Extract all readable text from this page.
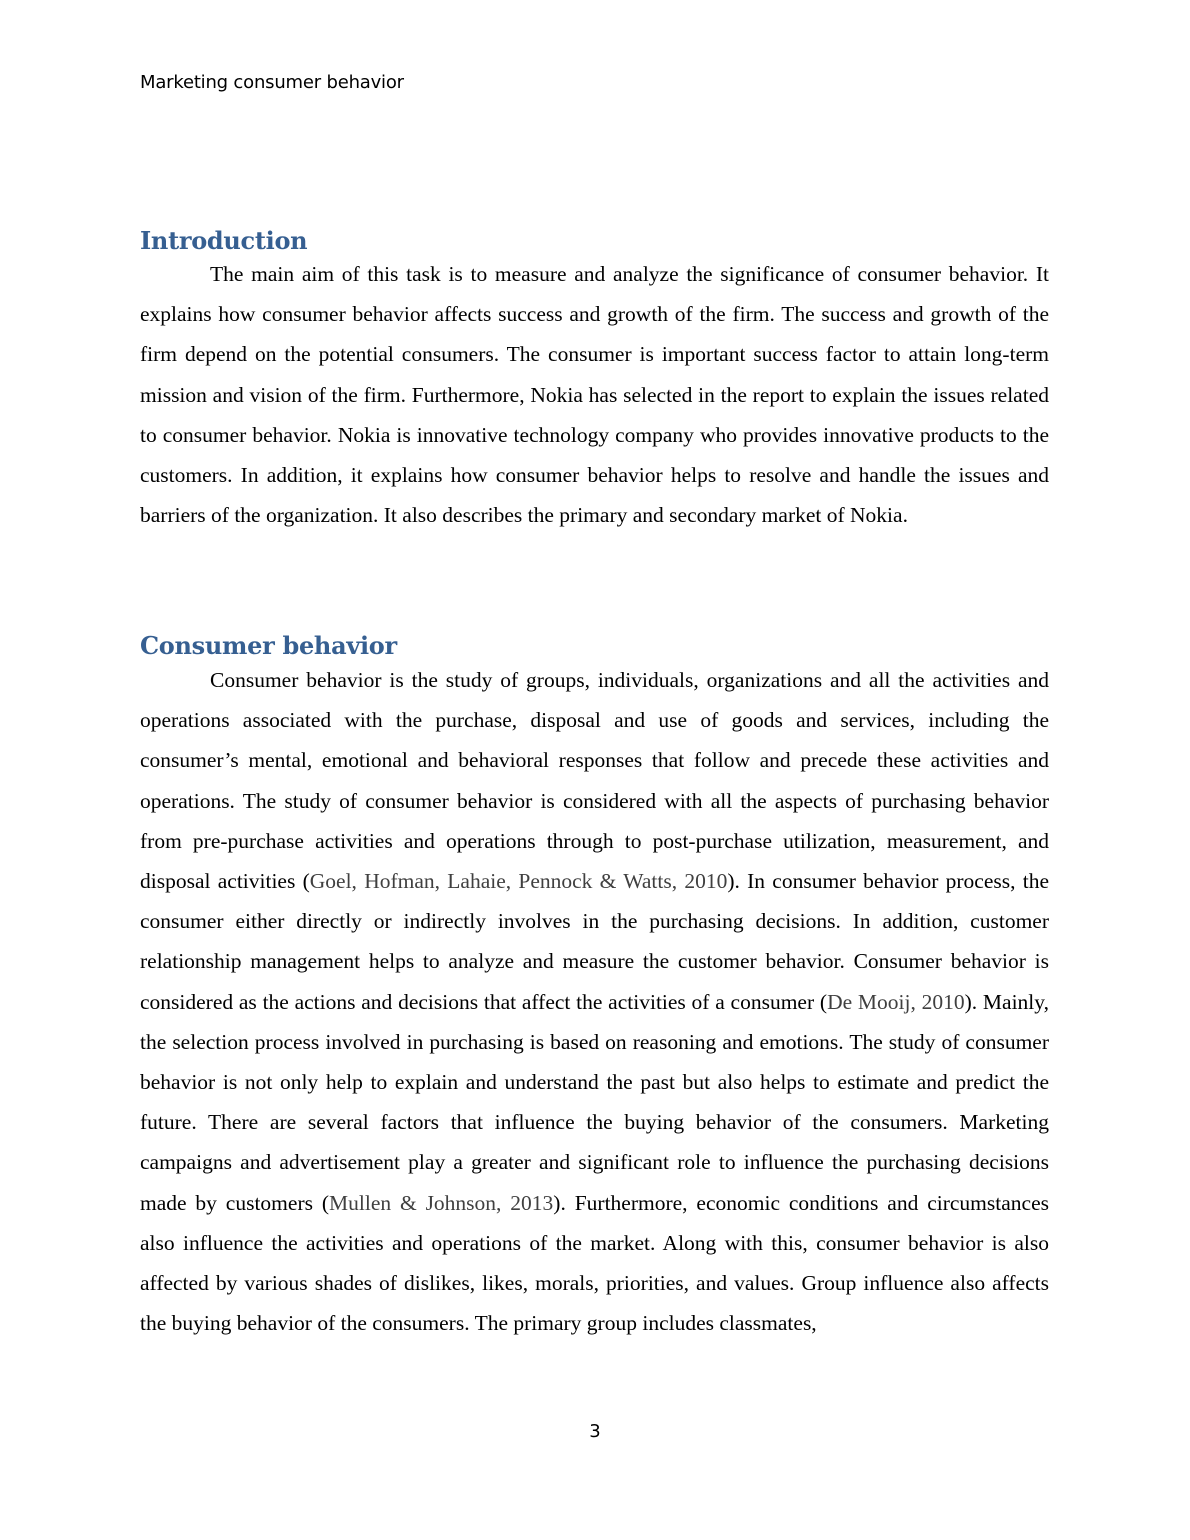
Marketing consumer behavior
Introduction

The main aim of this task is to measure and analyze the significance of consumer behavior. It explains how consumer behavior affects success and growth of the firm. The success and growth of the firm depend on the potential consumers. The consumer is important success factor to attain long-term mission and vision of the firm. Furthermore, Nokia has selected in the report to explain the issues related to consumer behavior. Nokia is innovative technology company who provides innovative products to the customers. In addition, it explains how consumer behavior helps to resolve and handle the issues and barriers of the organization. It also describes the primary and secondary market of Nokia.

Consumer behavior

Consumer behavior is the study of groups, individuals, organizations and all the activities and operations associated with the purchase, disposal and use of goods and services, including the consumer’s mental, emotional and behavioral responses that follow and precede these activities and operations. The study of consumer behavior is considered with all the aspects of purchasing behavior from pre-purchase activities and operations through to post-purchase utilization, measurement, and disposal activities (Goel, Hofman, Lahaie, Pennock & Watts, 2010). In consumer behavior process, the consumer either directly or indirectly involves in the purchasing decisions. In addition, customer relationship management helps to analyze and measure the customer behavior. Consumer behavior is considered as the actions and decisions that affect the activities of a consumer (De Mooij, 2010). Mainly, the selection process involved in purchasing is based on reasoning and emotions. The study of consumer behavior is not only help to explain and understand the past but also helps to estimate and predict the future. There are several factors that influence the buying behavior of the consumers. Marketing campaigns and advertisement play a greater and significant role to influence the purchasing decisions made by customers (Mullen & Johnson, 2013). Furthermore, economic conditions and circumstances also influence the activities and operations of the market. Along with this, consumer behavior is also affected by various shades of dislikes, likes, morals, priorities, and values. Group influence also affects the buying behavior of the consumers. The primary group includes classmates,

3
